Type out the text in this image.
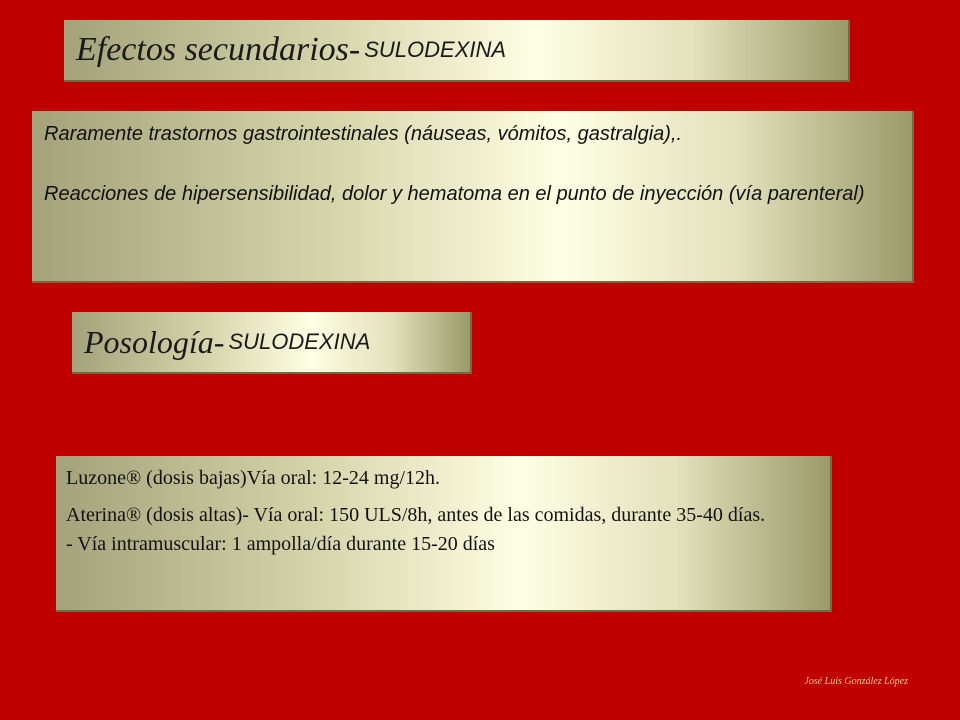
Efectos secundarios- SULODEXINA

Raramente trastornos gastrointestinales (náuseas, vómitos, gastralgia),.

Reacciones de hipersensibilidad, dolor y hematoma en el punto de inyección (vía parenteral)

Posología- SULODEXINA

Luzone® (dosis bajas)Vía oral: 12-24 mg/12h.

Aterina® (dosis altas)- Vía oral: 150 ULS/8h, antes de las comidas, durante 35-40 días.
- Vía intramuscular: 1 ampolla/día durante 15-20 días

José Luis González López
